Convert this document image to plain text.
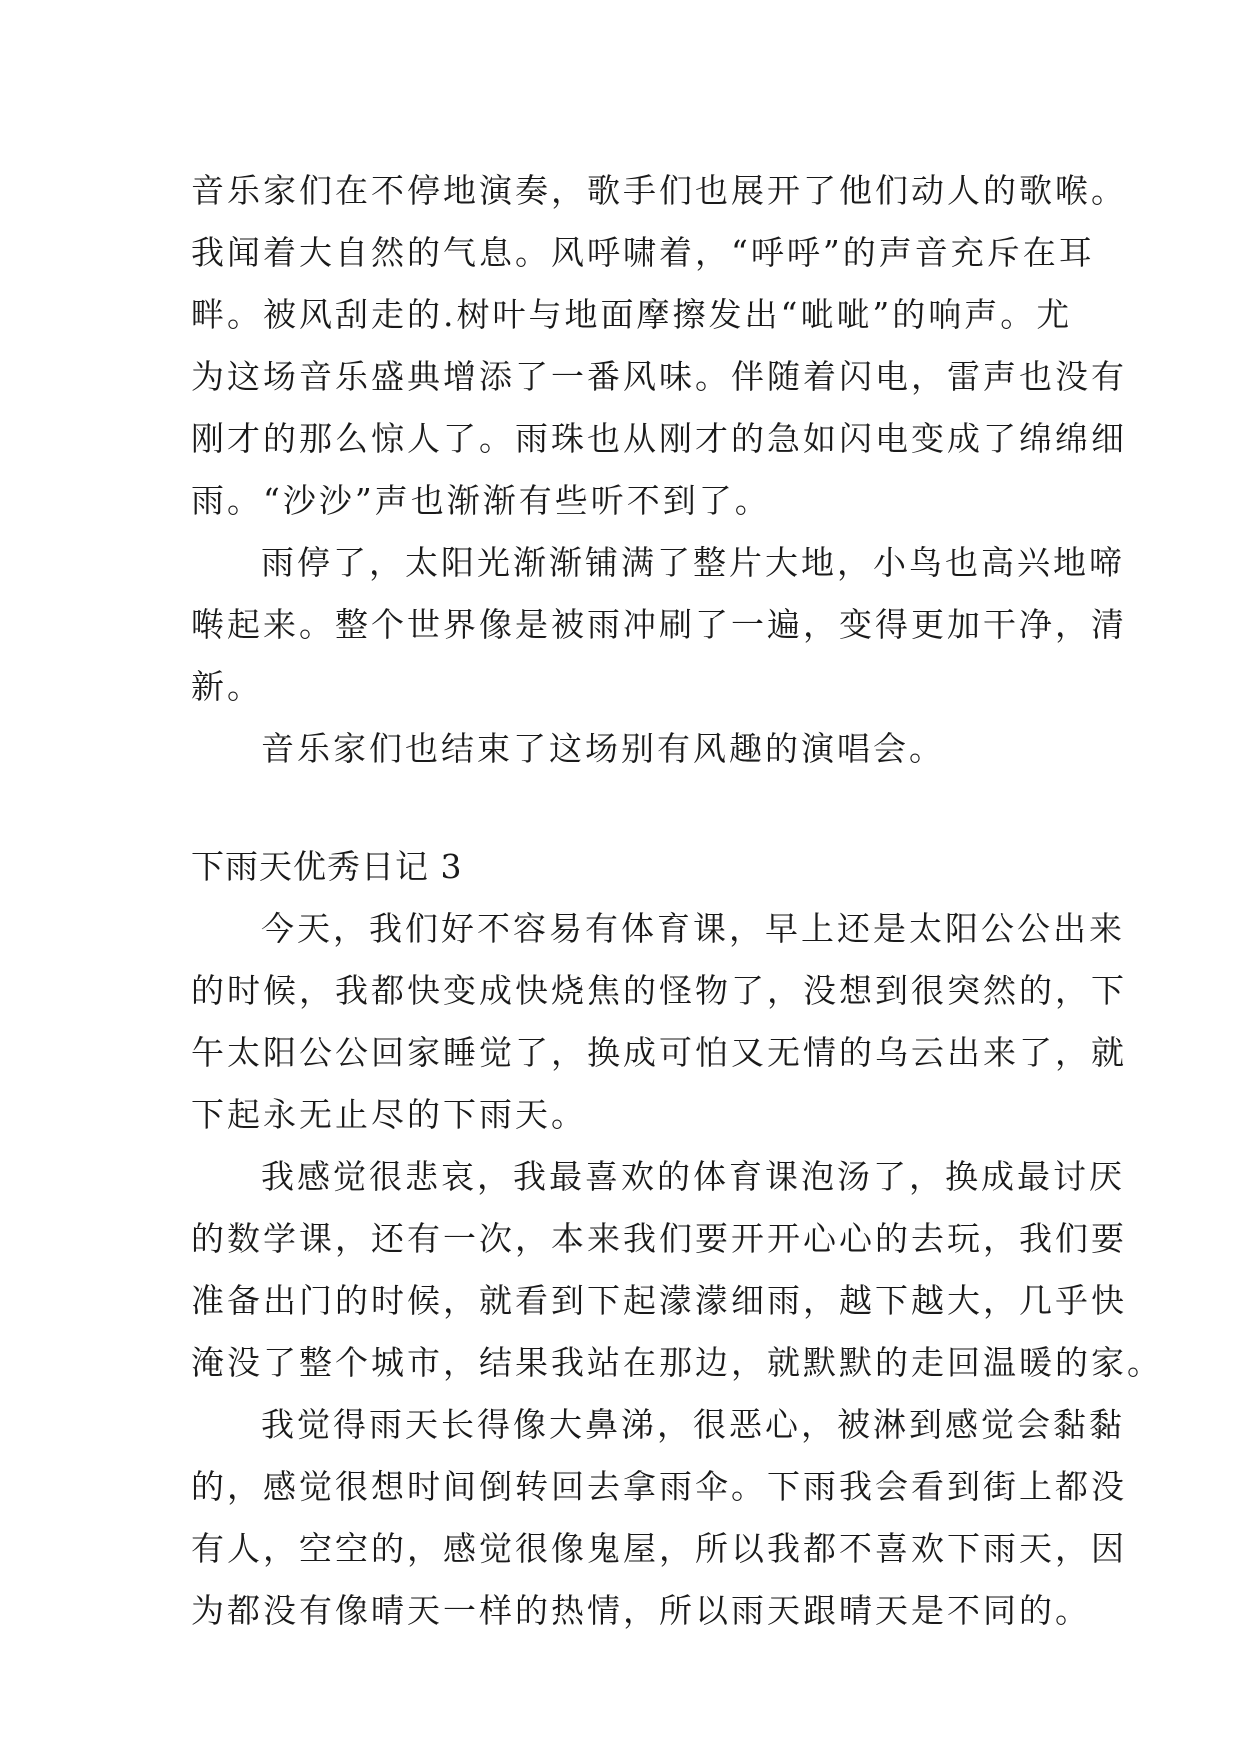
音乐家们在不停地演奏，歌手们也展开了他们动人的歌喉。
我闻着大自然的气息。风呼啸着，“呼呼”的声音充斥在耳
畔。被风刮走的.树叶与地面摩擦发出“呲呲”的响声。尤
为这场音乐盛典增添了一番风味。伴随着闪电，雷声也没有
刚才的那么惊人了。雨珠也从刚才的急如闪电变成了绵绵细
雨。“沙沙”声也渐渐有些听不到了。
雨停了，太阳光渐渐铺满了整片大地，小鸟也高兴地啼
啭起来。整个世界像是被雨冲刷了一遍，变得更加干净，清
新。
音乐家们也结束了这场别有风趣的演唱会。
下雨天优秀日记 3
今天，我们好不容易有体育课，早上还是太阳公公出来
的时候，我都快变成快烧焦的怪物了，没想到很突然的，下
午太阳公公回家睡觉了，换成可怕又无情的乌云出来了，就
下起永无止尽的下雨天。
我感觉很悲哀，我最喜欢的体育课泡汤了，换成最讨厌
的数学课，还有一次，本来我们要开开心心的去玩，我们要
准备出门的时候，就看到下起濛濛细雨，越下越大，几乎快
淹没了整个城市，结果我站在那边，就默默的走回温暖的家。
我觉得雨天长得像大鼻涕，很恶心，被淋到感觉会黏黏
的，感觉很想时间倒转回去拿雨伞。下雨我会看到街上都没
有人，空空的，感觉很像鬼屋，所以我都不喜欢下雨天，因
为都没有像晴天一样的热情，所以雨天跟晴天是不同的。
